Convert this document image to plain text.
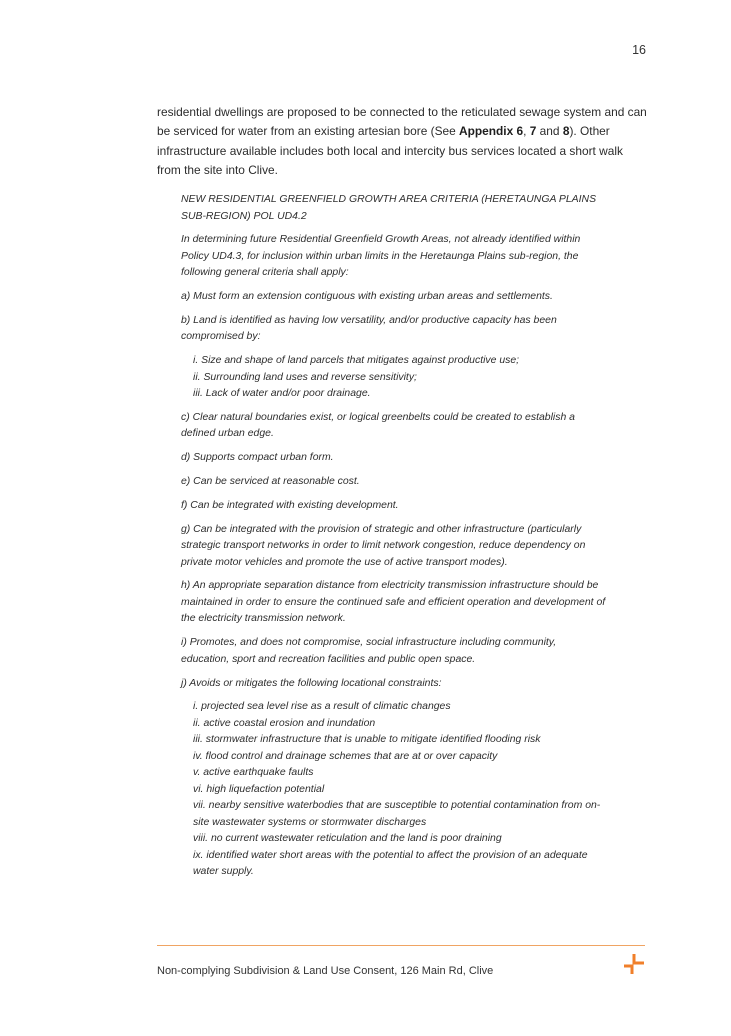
16
residential dwellings are proposed to be connected to the reticulated sewage system and can be serviced for water from an existing artesian bore (See Appendix 6, 7 and 8). Other infrastructure available includes both local and intercity bus services located a short walk from the site into Clive.

NEW RESIDENTIAL GREENFIELD GROWTH AREA CRITERIA (HERETAUNGA PLAINS SUB-REGION) POL UD4.2

In determining future Residential Greenfield Growth Areas, not already identified within Policy UD4.3, for inclusion within urban limits in the Heretaunga Plains sub-region, the following general criteria shall apply:

a) Must form an extension contiguous with existing urban areas and settlements.

b) Land is identified as having low versatility, and/or productive capacity has been compromised by:

i. Size and shape of land parcels that mitigates against productive use;
ii. Surrounding land uses and reverse sensitivity;
iii. Lack of water and/or poor drainage.

c) Clear natural boundaries exist, or logical greenbelts could be created to establish a defined urban edge.

d) Supports compact urban form.

e) Can be serviced at reasonable cost.

f) Can be integrated with existing development.

g) Can be integrated with the provision of strategic and other infrastructure (particularly strategic transport networks in order to limit network congestion, reduce dependency on private motor vehicles and promote the use of active transport modes).

h) An appropriate separation distance from electricity transmission infrastructure should be maintained in order to ensure the continued safe and efficient operation and development of the electricity transmission network.

i) Promotes, and does not compromise, social infrastructure including community, education, sport and recreation facilities and public open space.

j) Avoids or mitigates the following locational constraints:

i. projected sea level rise as a result of climatic changes
ii. active coastal erosion and inundation
iii. stormwater infrastructure that is unable to mitigate identified flooding risk
iv. flood control and drainage schemes that are at or over capacity
v. active earthquake faults
vi. high liquefaction potential
vii. nearby sensitive waterbodies that are susceptible to potential contamination from on-site wastewater systems or stormwater discharges
viii. no current wastewater reticulation and the land is poor draining
ix. identified water short areas with the potential to affect the provision of an adequate water supply.
Non-complying Subdivision & Land Use Consent, 126 Main Rd, Clive
